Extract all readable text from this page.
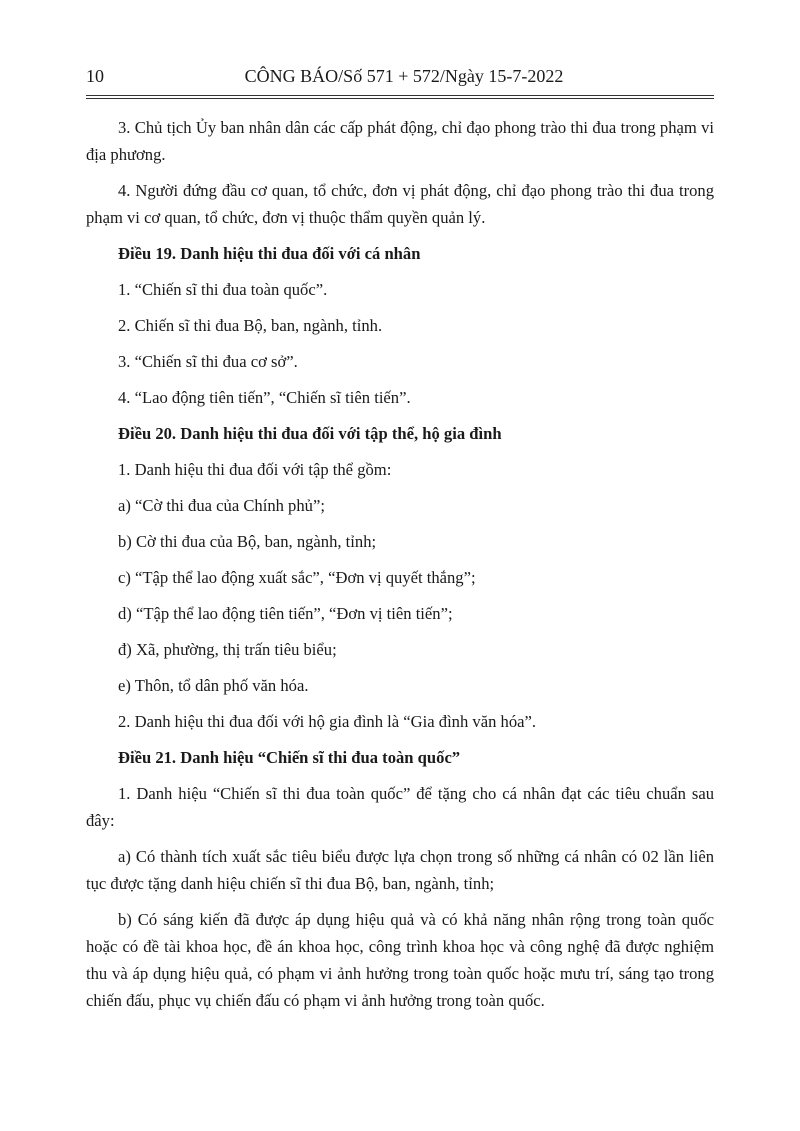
10	CÔNG BÁO/Số 571 + 572/Ngày 15-7-2022

3. Chủ tịch Ủy ban nhân dân các cấp phát động, chỉ đạo phong trào thi đua trong phạm vi địa phương.

4. Người đứng đầu cơ quan, tổ chức, đơn vị phát động, chỉ đạo phong trào thi đua trong phạm vi cơ quan, tổ chức, đơn vị thuộc thẩm quyền quản lý.

Điều 19. Danh hiệu thi đua đối với cá nhân

1. “Chiến sĩ thi đua toàn quốc”.

2. Chiến sĩ thi đua Bộ, ban, ngành, tỉnh.

3. “Chiến sĩ thi đua cơ sở”.

4. “Lao động tiên tiến”, “Chiến sĩ tiên tiến”.

Điều 20. Danh hiệu thi đua đối với tập thể, hộ gia đình

1. Danh hiệu thi đua đối với tập thể gồm:

a) “Cờ thi đua của Chính phủ”;

b) Cờ thi đua của Bộ, ban, ngành, tỉnh;

c) “Tập thể lao động xuất sắc”, “Đơn vị quyết thắng”;

d) “Tập thể lao động tiên tiến”, “Đơn vị tiên tiến”;

đ) Xã, phường, thị trấn tiêu biểu;

e) Thôn, tổ dân phố văn hóa.

2. Danh hiệu thi đua đối với hộ gia đình là “Gia đình văn hóa”.

Điều 21. Danh hiệu “Chiến sĩ thi đua toàn quốc”

1. Danh hiệu “Chiến sĩ thi đua toàn quốc” để tặng cho cá nhân đạt các tiêu chuẩn sau đây:

a) Có thành tích xuất sắc tiêu biểu được lựa chọn trong số những cá nhân có 02 lần liên tục được tặng danh hiệu chiến sĩ thi đua Bộ, ban, ngành, tỉnh;

b) Có sáng kiến đã được áp dụng hiệu quả và có khả năng nhân rộng trong toàn quốc hoặc có đề tài khoa học, đề án khoa học, công trình khoa học và công nghệ đã được nghiệm thu và áp dụng hiệu quả, có phạm vi ảnh hưởng trong toàn quốc hoặc mưu trí, sáng tạo trong chiến đấu, phục vụ chiến đấu có phạm vi ảnh hưởng trong toàn quốc.
